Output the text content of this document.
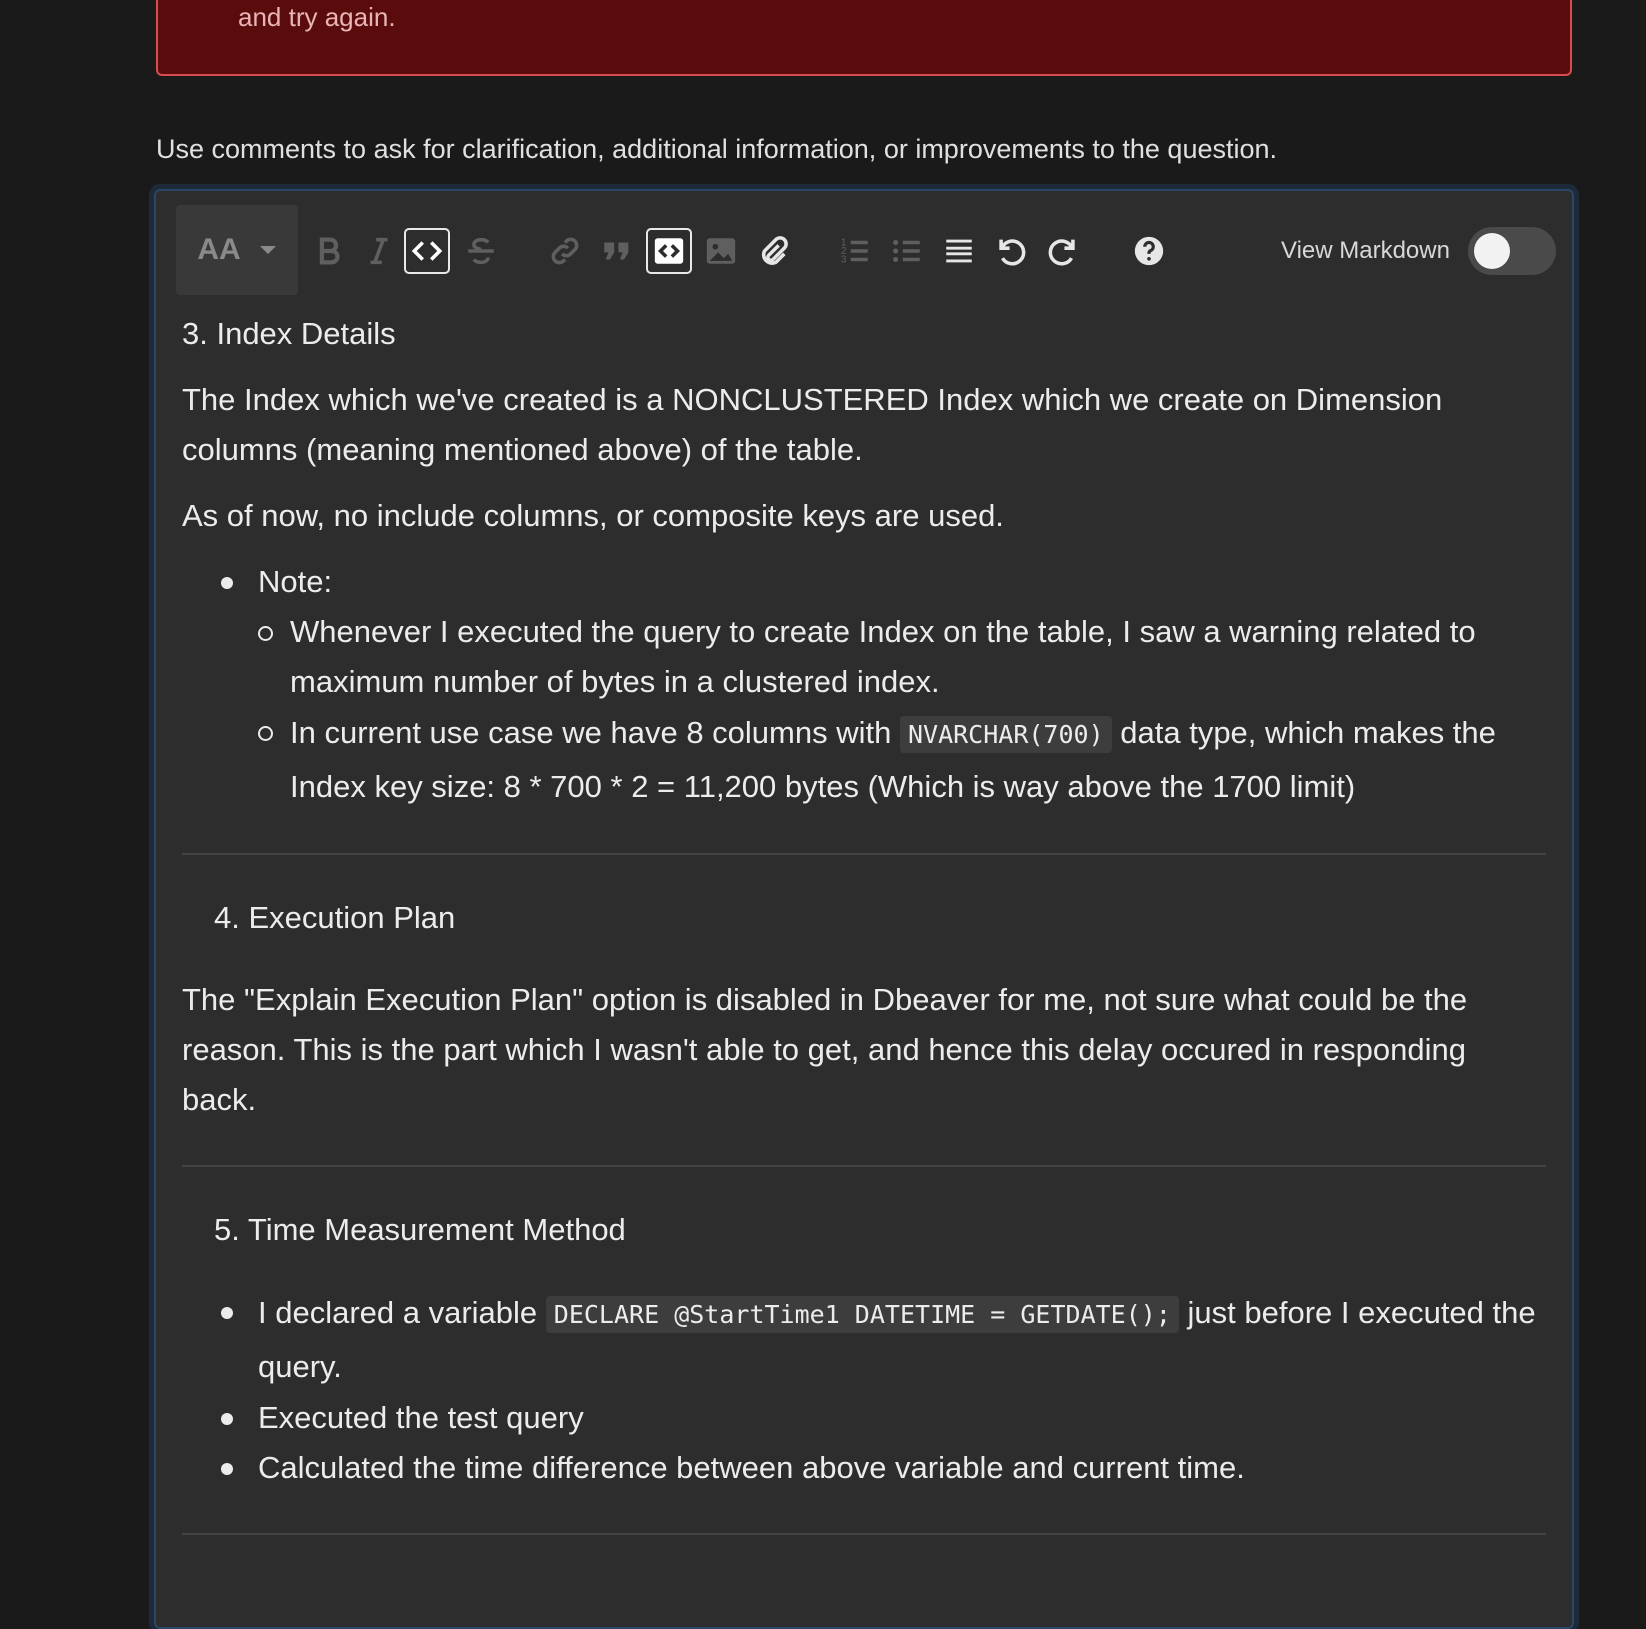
and try again.
Use comments to ask for clarification, additional information, or improvements to the question.
AA	1
2
3	View Markdown

3. Index Details

The Index which we've created is a NONCLUSTERED Index which we create on Dimension columns (meaning mentioned above) of the table.

As of now, no include columns, or composite keys are used.

Note:
Whenever I executed the query to create Index on the table, I saw a warning related to maximum number of bytes in a clustered index.
In current use case we have 8 columns with NVARCHAR(700) data type, which makes the Index key size: 8 * 700 * 2 = 11,200 bytes (Which is way above the 1700 limit)

4. Execution Plan

The "Explain Execution Plan" option is disabled in Dbeaver for me, not sure what could be the reason. This is the part which I wasn't able to get, and hence this delay occured in responding back.

5. Time Measurement Method

I declared a variable DECLARE @StartTime1 DATETIME = GETDATE(); just before I executed the query.
Executed the test query
Calculated the time difference between above variable and current time.
